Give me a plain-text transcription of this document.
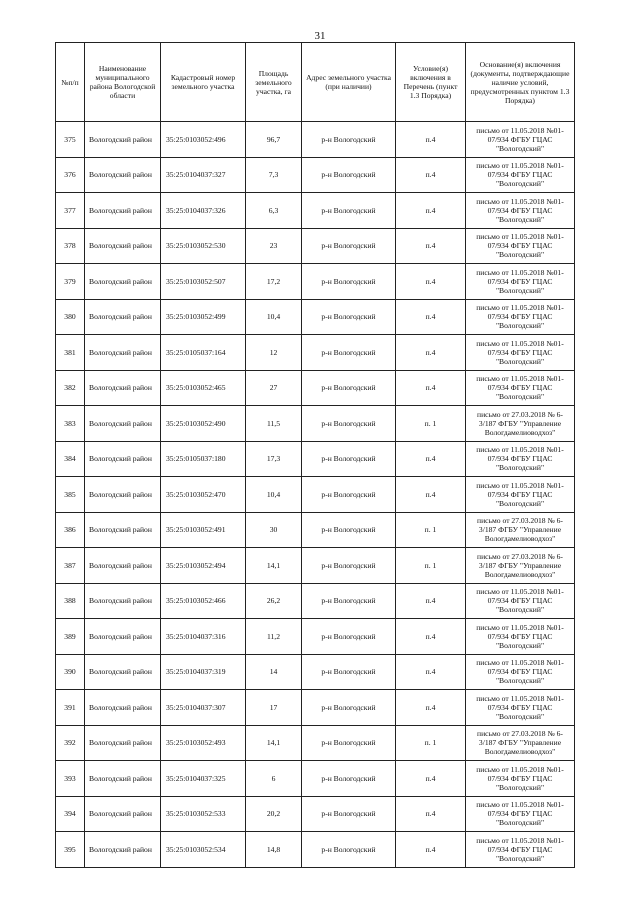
31
№п/п	Наименование муниципального района Вологодской области	Кадастровый номер земельного участка	Площадь земельного участка, га	Адрес земельного участка (при наличии)	Условие(я) включения в Перечень (пункт 1.3 Порядка)	Основание(я) включения (документы, подтверждающие наличие условий, предусмотренных пунктом 1.3 Порядка)
375	Вологодский район	35:25:0103052:496	96,7	р-н Вологодский	п.4	письмо от 11.05.2018 №01-
07/934 ФГБУ ГЦАС
"Вологодский"

376	Вологодский район	35:25:0104037:327	7,3	р-н Вологодский	п.4	письмо от 11.05.2018 №01-
07/934 ФГБУ ГЦАС
"Вологодский"

377	Вологодский район	35:25:0104037:326	6,3	р-н Вологодский	п.4	письмо от 11.05.2018 №01-
07/934 ФГБУ ГЦАС
"Вологодский"

378	Вологодский район	35:25:0103052:530	23	р-н Вологодский	п.4	письмо от 11.05.2018 №01-
07/934 ФГБУ ГЦАС
"Вологодский"

379	Вологодский район	35:25:0103052:507	17,2	р-н Вологодский	п.4	письмо от 11.05.2018 №01-
07/934 ФГБУ ГЦАС
"Вологодский"

380	Вологодский район	35:25:0103052:499	10,4	р-н Вологодский	п.4	письмо от 11.05.2018 №01-
07/934 ФГБУ ГЦАС
"Вологодский"

381	Вологодский район	35:25:0105037:164	12	р-н Вологодский	п.4	письмо от 11.05.2018 №01-
07/934 ФГБУ ГЦАС
"Вологодский"

382	Вологодский район	35:25:0103052:465	27	р-н Вологодский	п.4	письмо от 11.05.2018 №01-
07/934 ФГБУ ГЦАС
"Вологодский"

383	Вологодский район	35:25:0103052:490	11,5	р-н Вологодский	п. 1	письмо от 27.03.2018 № 6-
3/187 ФГБУ "Управление
Вологдамелиоводхоз"

384	Вологодский район	35:25:0105037:180	17,3	р-н Вологодский	п.4	письмо от 11.05.2018 №01-
07/934 ФГБУ ГЦАС
"Вологодский"

385	Вологодский район	35:25:0103052:470	10,4	р-н Вологодский	п.4	письмо от 11.05.2018 №01-
07/934 ФГБУ ГЦАС
"Вологодский"

386	Вологодский район	35:25:0103052:491	30	р-н Вологодский	п. 1	письмо от 27.03.2018 № 6-
3/187 ФГБУ "Управление
Вологдамелиоводхоз"

387	Вологодский район	35:25:0103052:494	14,1	р-н Вологодский	п. 1	письмо от 27.03.2018 № 6-
3/187 ФГБУ "Управление
Вологдамелиоводхоз"

388	Вологодский район	35:25:0103052:466	26,2	р-н Вологодский	п.4	письмо от 11.05.2018 №01-
07/934 ФГБУ ГЦАС
"Вологодский"

389	Вологодский район	35:25:0104037:316	11,2	р-н Вологодский	п.4	письмо от 11.05.2018 №01-
07/934 ФГБУ ГЦАС
"Вологодский"

390	Вологодский район	35:25:0104037:319	14	р-н Вологодский	п.4	письмо от 11.05.2018 №01-
07/934 ФГБУ ГЦАС
"Вологодский"

391	Вологодский район	35:25:0104037:307	17	р-н Вологодский	п.4	письмо от 11.05.2018 №01-
07/934 ФГБУ ГЦАС
"Вологодский"

392	Вологодский район	35:25:0103052:493	14,1	р-н Вологодский	п. 1	письмо от 27.03.2018 № 6-
3/187 ФГБУ "Управление
Вологдамелиоводхоз"

393	Вологодский район	35:25:0104037:325	6	р-н Вологодский	п.4	письмо от 11.05.2018 №01-
07/934 ФГБУ ГЦАС
"Вологодский"

394	Вологодский район	35:25:0103052:533	20,2	р-н Вологодский	п.4	письмо от 11.05.2018 №01-
07/934 ФГБУ ГЦАС
"Вологодский"

395	Вологодский район	35:25:0103052:534	14,8	р-н Вологодский	п.4	письмо от 11.05.2018 №01-
07/934 ФГБУ ГЦАС
"Вологодский"
